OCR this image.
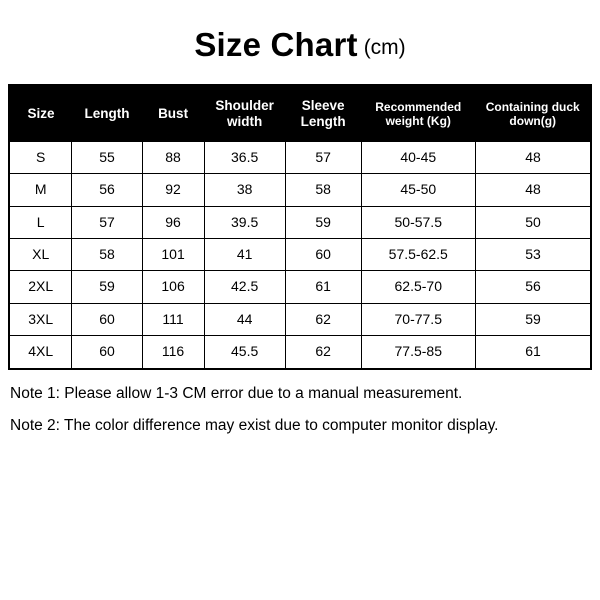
Size Chart (cm)
Size	Length	Bust	Shoulder width	Sleeve Length	Recommended weight (Kg)	Containing duck down(g)
S	55	88	36.5	57	40-45	48
M	56	92	38	58	45-50	48
L	57	96	39.5	59	50-57.5	50
XL	58	101	41	60	57.5-62.5	53
2XL	59	106	42.5	61	62.5-70	56
3XL	60	111	44	62	70-77.5	59
4XL	60	116	45.5	62	77.5-85	61
Note 1: Please allow 1-3 CM error due to a manual measurement.
Note 2: The color difference may exist due to computer monitor display.
